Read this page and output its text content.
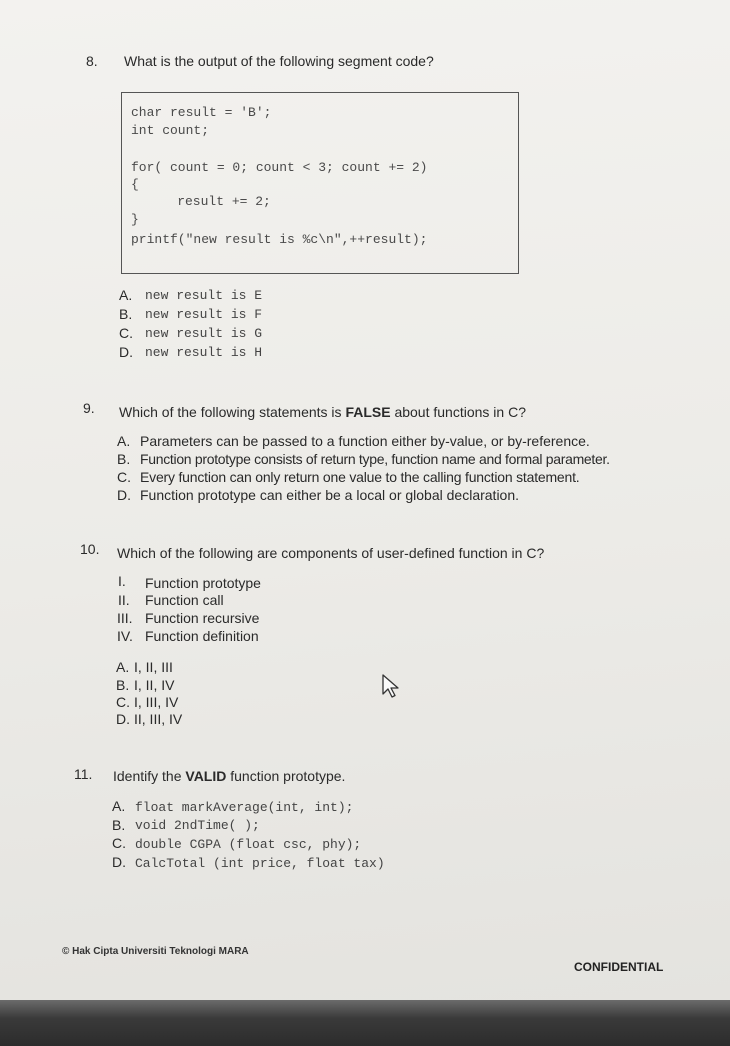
8. What is the output of the following segment code?
char result = 'B';
int count;
for( count = 0; count < 3; count += 2)
{
result += 2;
}
printf("new result is %c\n",++result);
A. new result is E
B. new result is F
C. new result is G
D. new result is H
9. Which of the following statements is FALSE about functions in C?
A. Parameters can be passed to a function either by-value, or by-reference.
B. Function prototype consists of return type, function name and formal parameter.
C. Every function can only return one value to the calling function statement.
D. Function prototype can either be a local or global declaration.
10. Which of the following are components of user-defined function in C?
I. Function prototype
II. Function call
III. Function recursive
IV. Function definition
A. I, II, III
B. I, II, IV
C. I, III, IV
D. II, III, IV
11. Identify the VALID function prototype.
A. float markAverage(int, int);
B. void 2ndTime( );
C. double CGPA (float csc, phy);
D. CalcTotal (int price, float tax)
© Hak Cipta Universiti Teknologi MARA
CONFIDENTIAL
